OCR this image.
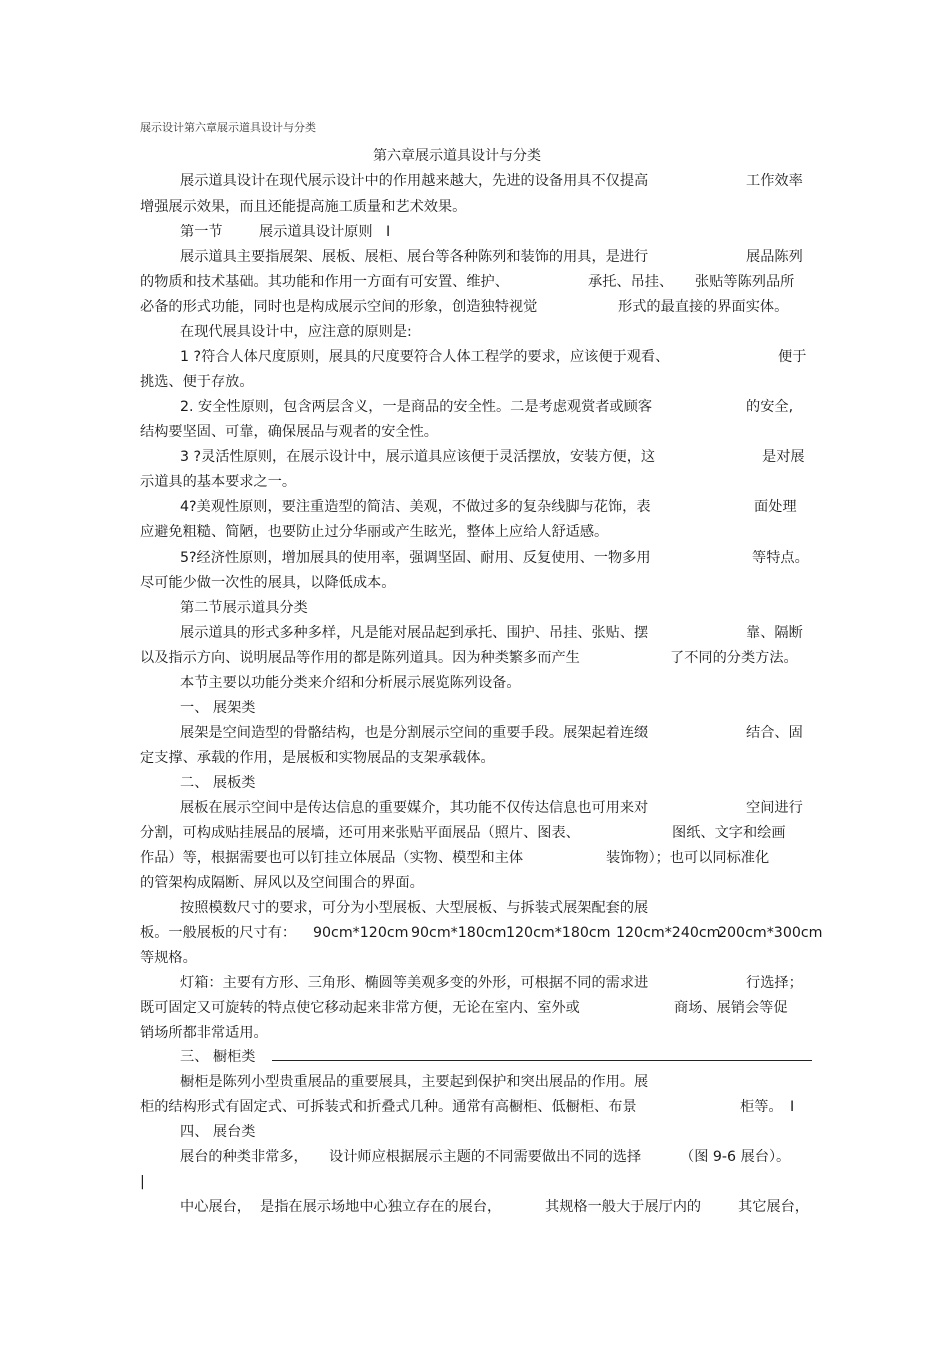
展示设计第六章展示道具设计与分类
第六章展示道具设计与分类
展示道具设计在现代展示设计中的作用越来越大，先进的设备用具不仅提高	工作效率
增强展示效果，而且还能提高施工质量和艺术效果。
第一节	展示道具设计原则 I
展示道具主要指展架、展板、展柜、展台等各种陈列和装饰的用具，是进行	展品陈列
的物质和技术基础。其功能和作用一方面有可安置、维护、	承托、吊挂、 张贴等陈列品所
必备的形式功能，同时也是构成展示空间的形象，创造独特视觉	形式的最直接的界面实体。
在现代展具设计中，应注意的原则是:
1 ?符合人体尺度原则，展具的尺度要符合人体工程学的要求，应该便于观看、	便于
挑选、便于存放。
2. 安全性原则，包含两层含义，一是商品的安全性。二是考虑观赏者或顾客	的安全,
结构要坚固、可靠，确保展品与观者的安全性。
3 ?灵活性原则，在展示设计中，展示道具应该便于灵活摆放，安装方便，这	是对展
示道具的基本要求之一。
4?美观性原则，要注重造型的简洁、美观，不做过多的复杂线脚与花饰，表	面处理
应避免粗糙、简陋，也要防止过分华丽或产生眩光，整体上应给人舒适感。
5?经济性原则，增加展具的使用率，强调坚固、耐用、反复使用、一物多用	等特点。
尽可能少做一次性的展具，以降低成本。
第二节展示道具分类
展示道具的形式多种多样，凡是能对展品起到承托、围护、吊挂、张贴、摆	靠、隔断
以及指示方向、说明展品等作用的都是陈列道具。因为种类繁多而产生	了不同的分类方法。
本节主要以功能分类来介绍和分析展示展览陈列设备。
一、 展架类
展架是空间造型的骨骼结构，也是分割展示空间的重要手段。展架起着连缀	结合、固
定支撑、承载的作用，是展板和实物展品的支架承载体。
二、 展板类
展板在展示空间中是传达信息的重要媒介，其功能不仅传达信息也可用来对	空间进行
分割，可构成贴挂展品的展墙，还可用来张贴平面展品（照片、图表、	图纸、文字和绘画
作品）等，根据需要也可以钉挂立体展品（实物、模型和主体	装饰物）；也可以同标准化
的管架构成隔断、屏风以及空间围合的界面。
按照模数尺寸的要求，可分为小型展板、大型展板、与拆装式展架配套的展
板。一般展板的尺寸有： 90cm*120cm 90cm*180cm 120cm*180cm 120cm*240cm
200cm*300cm
等规格。
灯箱：主要有方形、三角形、椭圆等美观多变的外形，可根据不同的需求进	行选择；
既可固定又可旋转的特点使它移动起来非常方便，无论在室内、室外或	商场、展销会等促
销场所都非常适用。
三、 橱柜类
橱柜是陈列小型贵重展品的重要展具，主要起到保护和突出展品的作用。展
柜的结构形式有固定式、可拆装式和折叠式几种。通常有高橱柜、低橱柜、布景	柜等。 I
四、 展台类
展台的种类非常多， 设计师应根据展示主题的不同需要做出不同的选择	（图 9-6 展台）。
|
中心展台， 是指在展示场地中心独立存在的展台，	其规格一般大于展厅内的	其它展台，
